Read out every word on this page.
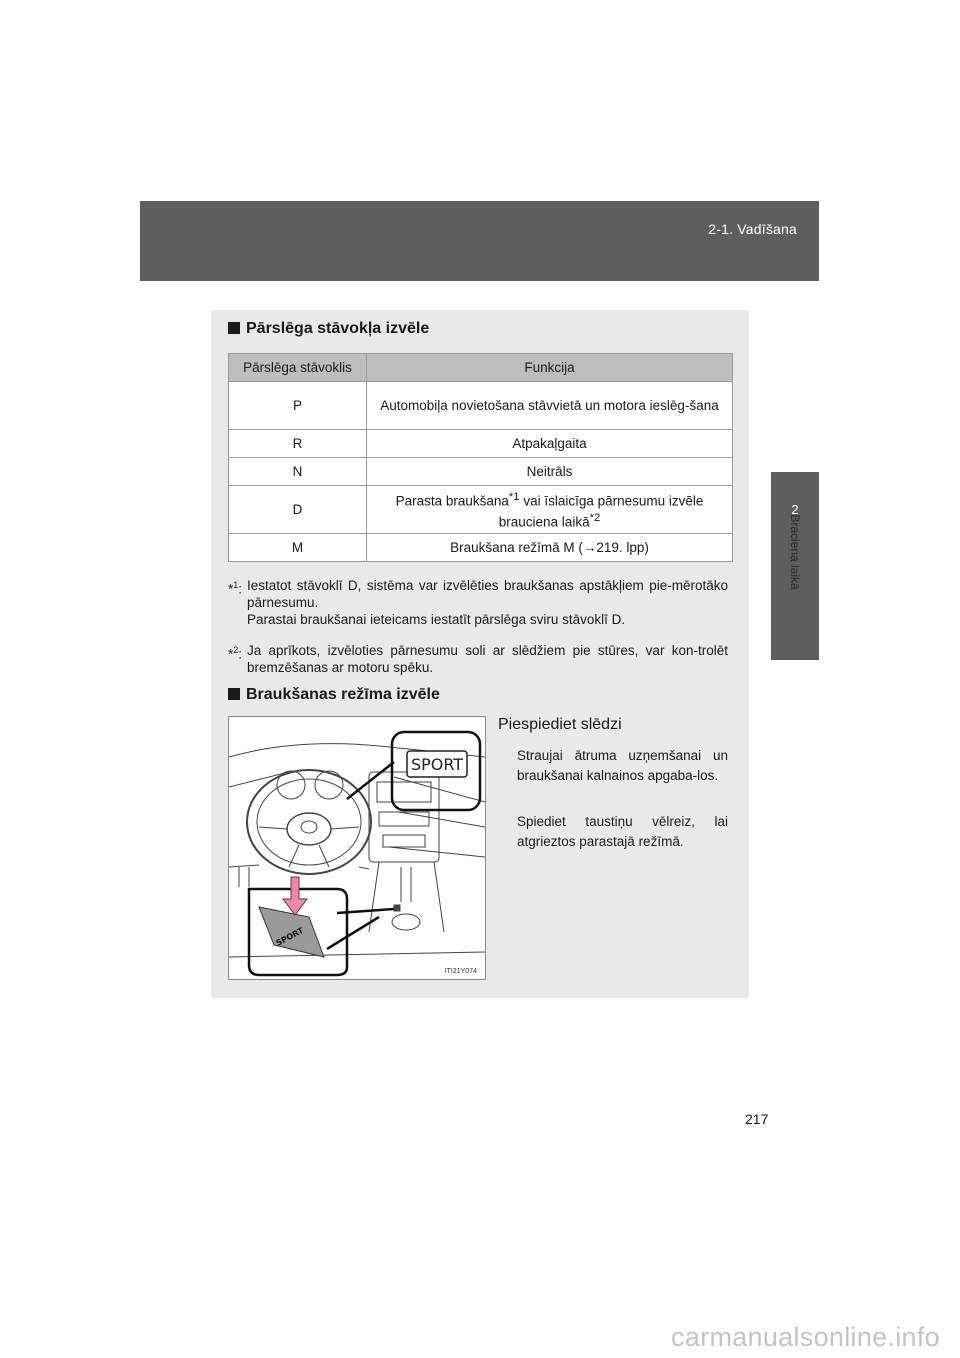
2-1. Vadīšana
2
Braciena laikā
Pārslēga stāvokļa izvēle
Pārslēga stāvoklis	Funkcija
P	Automobiļa novietošana stāvvietā un motora ieslēg-šana
R	Atpakaļgaita
N	Neitrāls
D	Parasta braukšana$^{*1}$ vai īslaicīga pārnesumu izvēle brauciena laikā$^{*2}$
M	Braukšana režīmā M (→219. lpp)
*$^1$: Iestatot stāvoklī D, sistēma var izvēlēties braukšanas apstākļiem pie-mērotāko pārnesumu.
Parastai braukšanai ieteicams iestatīt pārslēga sviru stāvoklī D.
*$^2$: Ja aprīkots, izvēloties pārnesumu soli ar slēdžiem pie stūres, var kon-trolēt bremzēšanas ar motoru spēku.
Braukšanas režīma izvēle
SPORT
SPORT
ITI21Y074
Piespiediet slēdzi
Straujai ātruma uzņemšanai un braukšanai kalnainos apgaba-los.
Spiediet taustiņu vēlreiz, lai atgrieztos parastajā režīmā.
217
carmanualsonline.info
